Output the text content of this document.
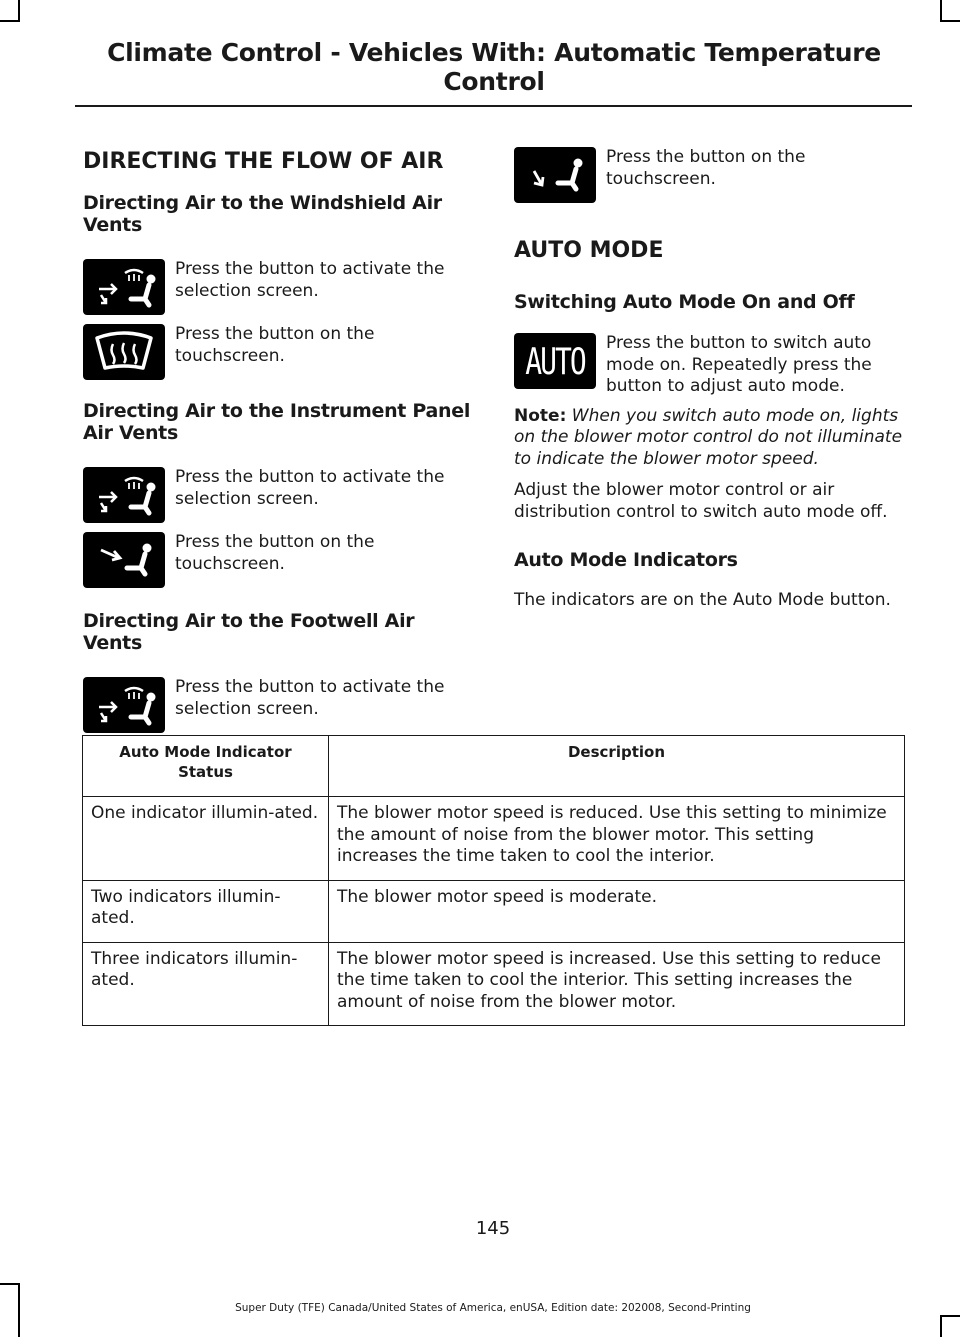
Climate Control - Vehicles With: Automatic Temperature
Control
DIRECTING THE FLOW OF AIR
Directing Air to the Windshield Air Vents

Press the button to activate the selection screen.

Press the button on the touchscreen.

Directing Air to the Instrument Panel Air Vents

Press the button to activate the selection screen.

Press the button on the touchscreen.

Directing Air to the Footwell Air Vents

Press the button to activate the selection screen.

Press the button on the touchscreen.

AUTO MODE
Switching Auto Mode On and Off
AUTO Press the button to switch auto mode on. Repeatedly press the button to adjust auto mode.

Note: When you switch auto mode on, lights on the blower motor control do not illuminate to indicate the blower motor speed.

Adjust the blower motor control or air distribution control to switch auto mode off.

Auto Mode Indicators

The indicators are on the Auto Mode button.

Auto Mode Indicator Status	Description
One indicator illumin-ated.	The blower motor speed is reduced. Use this setting to minimize the amount of noise from the blower motor. This setting increases the time taken to cool the interior.
Two indicators illumin-ated.	The blower motor speed is moderate.
Three indicators illumin-ated.	The blower motor speed is increased. Use this setting to reduce the time taken to cool the interior. This setting increases the amount of noise from the blower motor.
145
Super Duty (TFE) Canada/United States of America, enUSA, Edition date: 202008, Second-Printing
